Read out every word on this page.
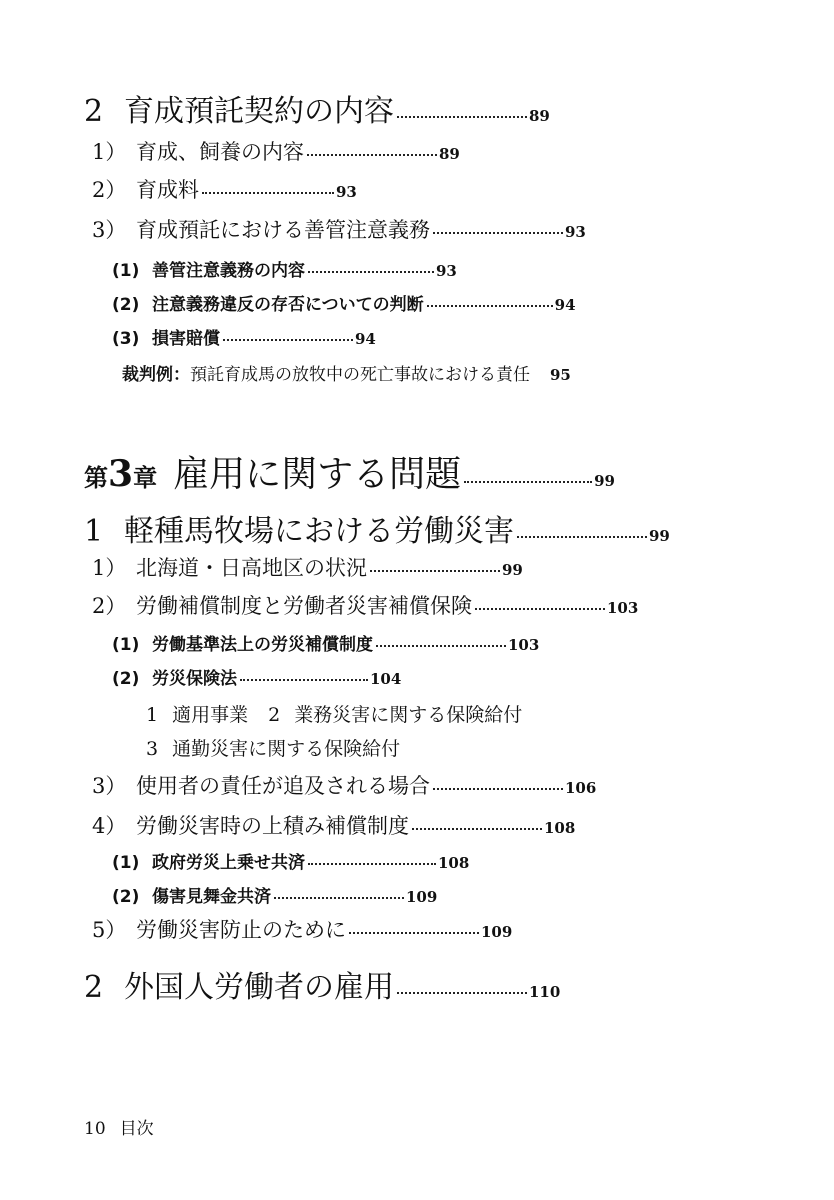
2 育成預託契約の内容	89
1） 育成、飼養の内容	89
2） 育成料	93
3） 育成預託における善管注意義務	93
(1) 善管注意義務の内容	93
(2) 注意義務違反の存否についての判断	94
(3) 損害賠償	94
裁判例： 預託育成馬の放牧中の死亡事故における責任 95
第3章 雇用に関する問題	99
1 軽種馬牧場における労働災害	99
1） 北海道・日高地区の状況	99
2） 労働補償制度と労働者災害補償保険	103
(1) 労働基準法上の労災補償制度	103
(2) 労災保険法	104
1 適用事業 2 業務災害に関する保険給付
3 通勤災害に関する保険給付
3） 使用者の責任が追及される場合	106
4） 労働災害時の上積み補償制度	108
(1) 政府労災上乗せ共済	108
(2) 傷害見舞金共済	109
5） 労働災害防止のために	109
2 外国人労働者の雇用	110
10 目次
